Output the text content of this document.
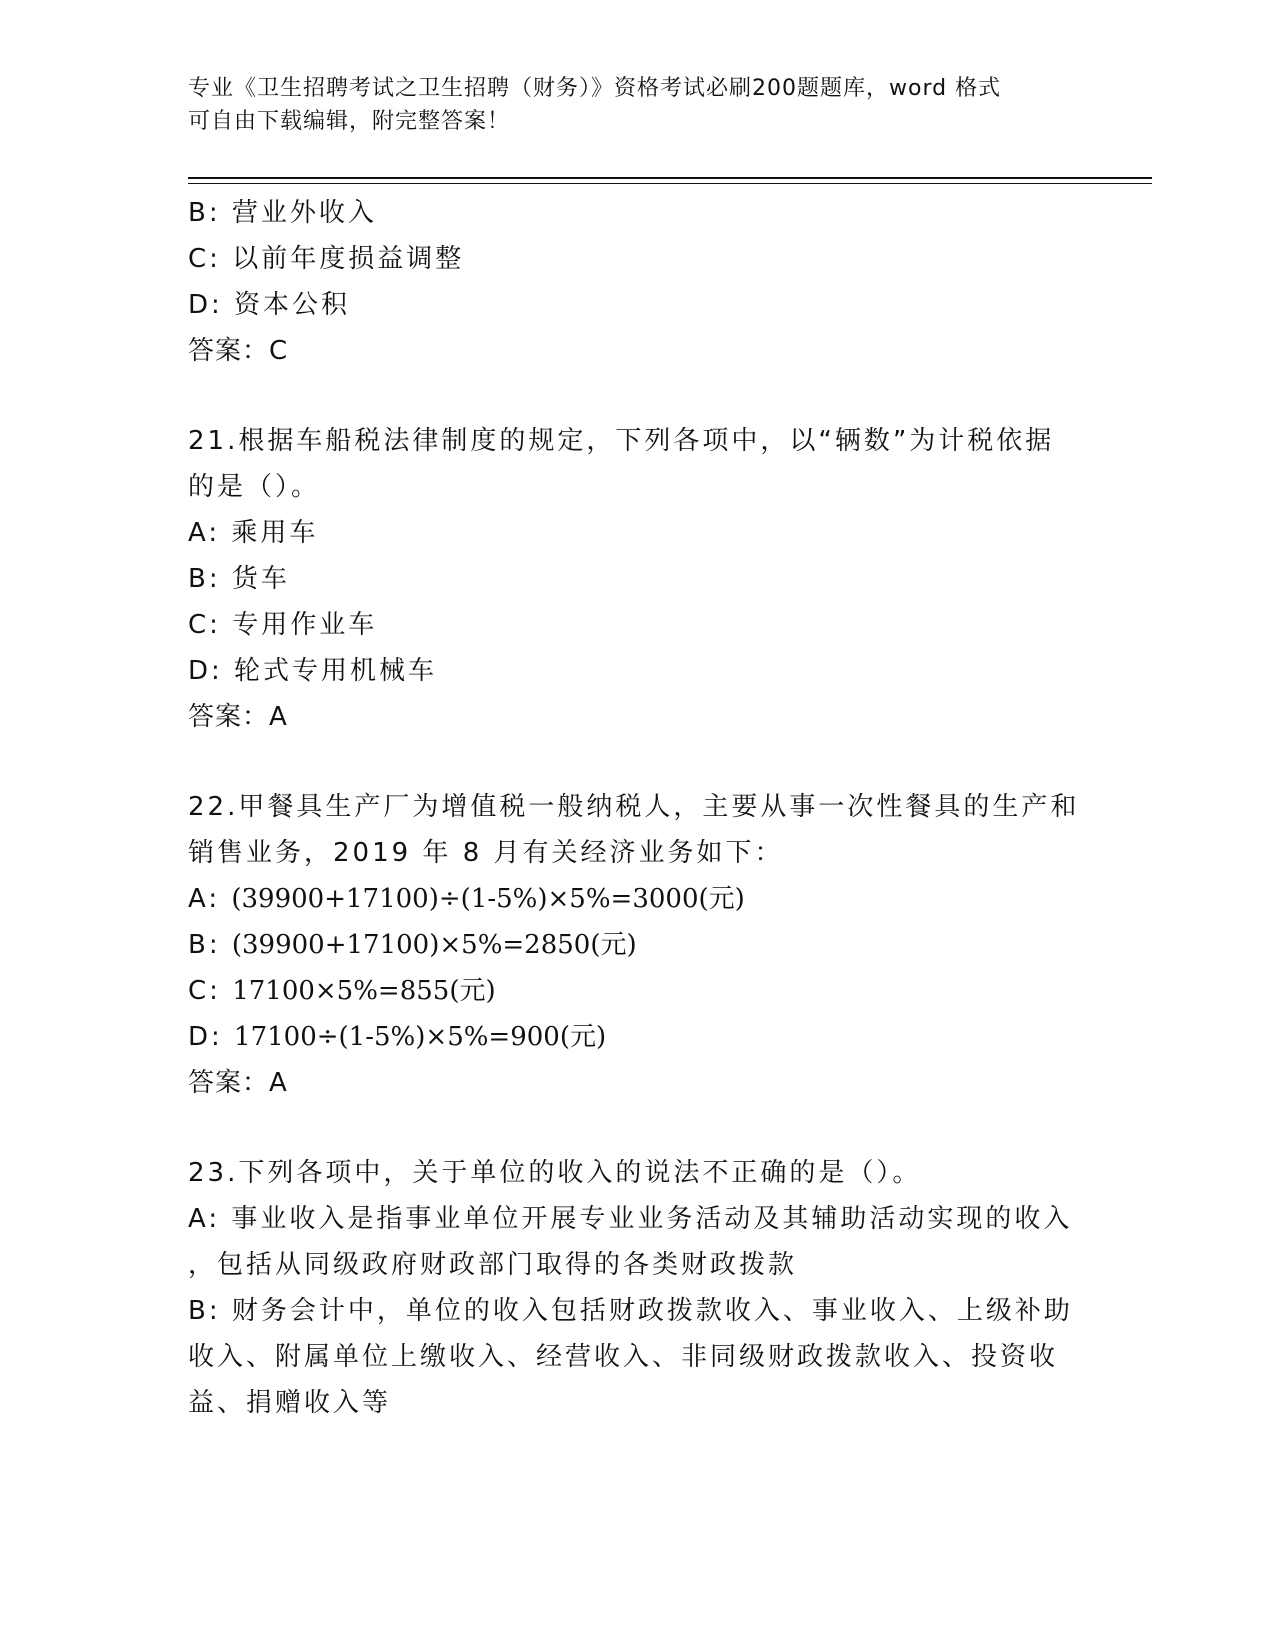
专业《卫生招聘考试之卫生招聘（财务）》资格考试必刷200题题库，word 格式
可自由下载编辑，附完整答案！
B: 营业外收入
C: 以前年度损益调整
D: 资本公积
答案：C
21.根据车船税法律制度的规定，下列各项中，以“辆数”为计税依据
的是（）。
A: 乘用车
B: 货车
C: 专用作业车
D: 轮式专用机械车
答案：A
22.甲餐具生产厂为增值税一般纳税人，主要从事一次性餐具的生产和
销售业务，2019 年 8 月有关经济业务如下：
A: (39900+17100)÷(1-5%)×5%=3000(元)
B: (39900+17100)×5%=2850(元)
C: 17100×5%=855(元)
D: 17100÷(1-5%)×5%=900(元)
答案：A
23.下列各项中，关于单位的收入的说法不正确的是（）。
A: 事业收入是指事业单位开展专业业务活动及其辅助活动实现的收入
，包括从同级政府财政部门取得的各类财政拨款
B: 财务会计中，单位的收入包括财政拨款收入、事业收入、上级补助
收入、附属单位上缴收入、经营收入、非同级财政拨款收入、投资收
益、捐赠收入等
